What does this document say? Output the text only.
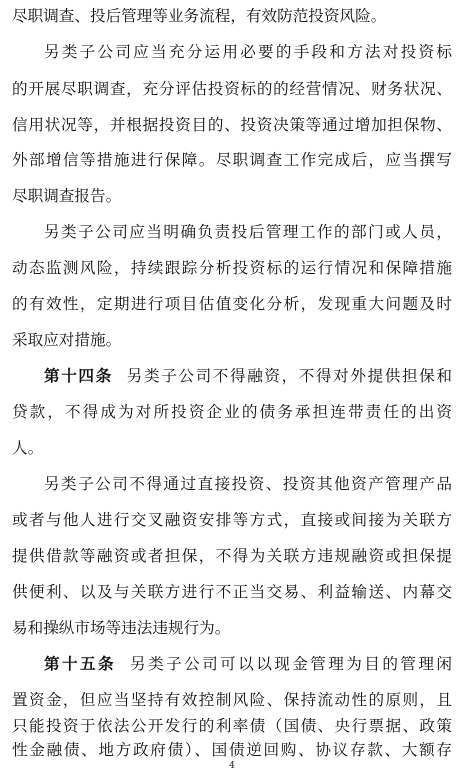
尽职调查、投后管理等业务流程，有效防范投资风险。
另类子公司应当充分运用必要的手段和方法对投资标
的开展尽职调查，充分评估投资标的的经营情况、财务状况、
信用状况等，并根据投资目的、投资决策等通过增加担保物、
外部增信等措施进行保障。尽职调查工作完成后，应当撰写
尽职调查报告。
另类子公司应当明确负责投后管理工作的部门或人员，
动态监测风险，持续跟踪分析投资标的运行情况和保障措施
的有效性，定期进行项目估值变化分析，发现重大问题及时
采取应对措施。
第十四条 另类子公司不得融资，不得对外提供担保和
贷款，不得成为对所投资企业的债务承担连带责任的出资
人。
另类子公司不得通过直接投资、投资其他资产管理产品
或者与他人进行交叉融资安排等方式，直接或间接为关联方
提供借款等融资或者担保，不得为关联方违规融资或担保提
供便利、以及与关联方进行不正当交易、利益输送、内幕交
易和操纵市场等违法违规行为。
第十五条 另类子公司可以以现金管理为目的管理闲
置资金，但应当坚持有效控制风险、保持流动性的原则，且
只能投资于依法公开发行的利率债（国债、央行票据、政策
性金融债、地方政府债）、国债逆回购、协议存款、大额存
4
